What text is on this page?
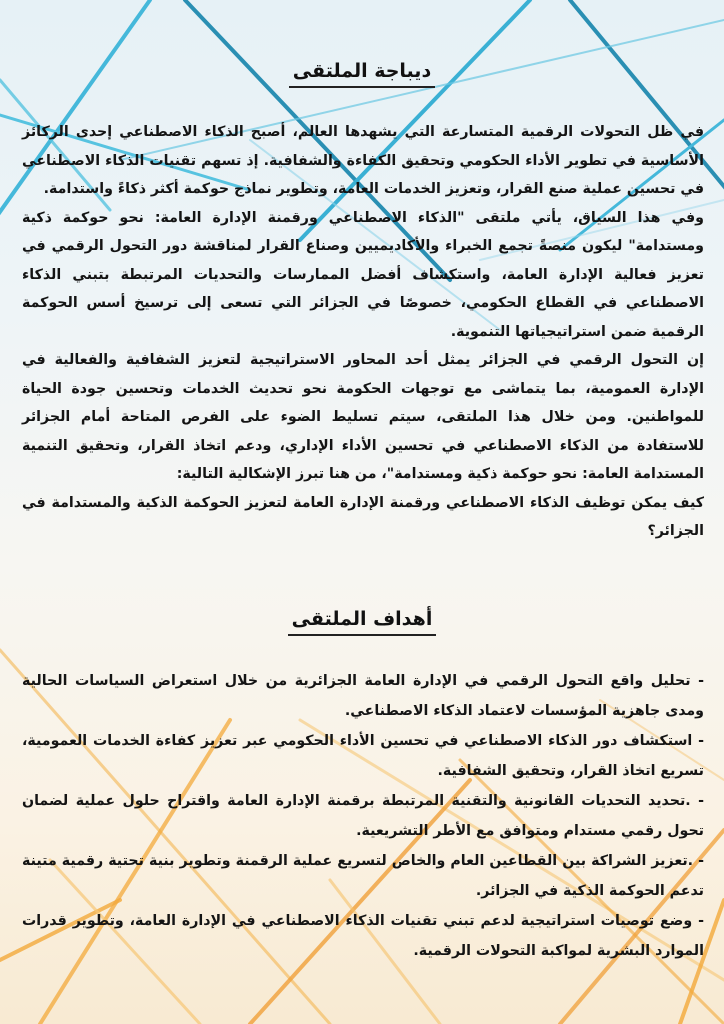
ديباجة الملتقى

في ظل التحولات الرقمية المتسارعة التي يشهدها العالم، أصبح الذكاء الاصطناعي إحدى الركائز الأساسية في تطوير الأداء الحكومي وتحقيق الكفاءة والشفافية. إذ تسهم تقنيات الذكاء الاصطناعي في تحسين عملية صنع القرار، وتعزيز الخدمات العامة، وتطوير نماذج حوكمة أكثر ذكاءً واستدامة.

وفي هذا السياق، يأتي ملتقى "الذكاء الاصطناعي ورقمنة الإدارة العامة: نحو حوكمة ذكية ومستدامة" ليكون منصةً تجمع الخبراء والأكاديميين وصناع القرار لمناقشة دور التحول الرقمي في تعزيز فعالية الإدارة العامة، واستكشاف أفضل الممارسات والتحديات المرتبطة بتبني الذكاء الاصطناعي في القطاع الحكومي، خصوصًا في الجزائر التي تسعى إلى ترسيخ أسس الحوكمة الرقمية ضمن استراتيجياتها التنموية.

إن التحول الرقمي في الجزائر يمثل أحد المحاور الاستراتيجية لتعزيز الشفافية والفعالية في الإدارة العمومية، بما يتماشى مع توجهات الحكومة نحو تحديث الخدمات وتحسين جودة الحياة للمواطنين. ومن خلال هذا الملتقى، سيتم تسليط الضوء على الفرص المتاحة أمام الجزائر للاستفادة من الذكاء الاصطناعي في تحسين الأداء الإداري، ودعم اتخاذ القرار، وتحقيق التنمية المستدامة العامة: نحو حوكمة ذكية ومستدامة"، من هنا تبرز الإشكالية التالية:

كيف يمكن توظيف الذكاء الاصطناعي ورقمنة الإدارة العامة لتعزيز الحوكمة الذكية والمستدامة في الجزائر؟

أهداف الملتقى

- تحليل واقع التحول الرقمي في الإدارة العامة الجزائرية من خلال استعراض السياسات الحالية ومدى جاهزية المؤسسات لاعتماد الذكاء الاصطناعي.

- استكشاف دور الذكاء الاصطناعي في تحسين الأداء الحكومي عبر تعزيز كفاءة الخدمات العمومية، تسريع اتخاذ القرار، وتحقيق الشفافية.

- .تحديد التحديات القانونية والتقنية المرتبطة برقمنة الإدارة العامة واقتراح حلول عملية لضمان تحول رقمي مستدام ومتوافق مع الأطر التشريعية.

- .تعزيز الشراكة بين القطاعين العام والخاص لتسريع عملية الرقمنة وتطوير بنية تحتية رقمية متينة تدعم الحوكمة الذكية في الجزائر.

- وضع توصيات استراتيجية لدعم تبني تقنيات الذكاء الاصطناعي في الإدارة العامة، وتطوير قدرات الموارد البشرية لمواكبة التحولات الرقمية.
